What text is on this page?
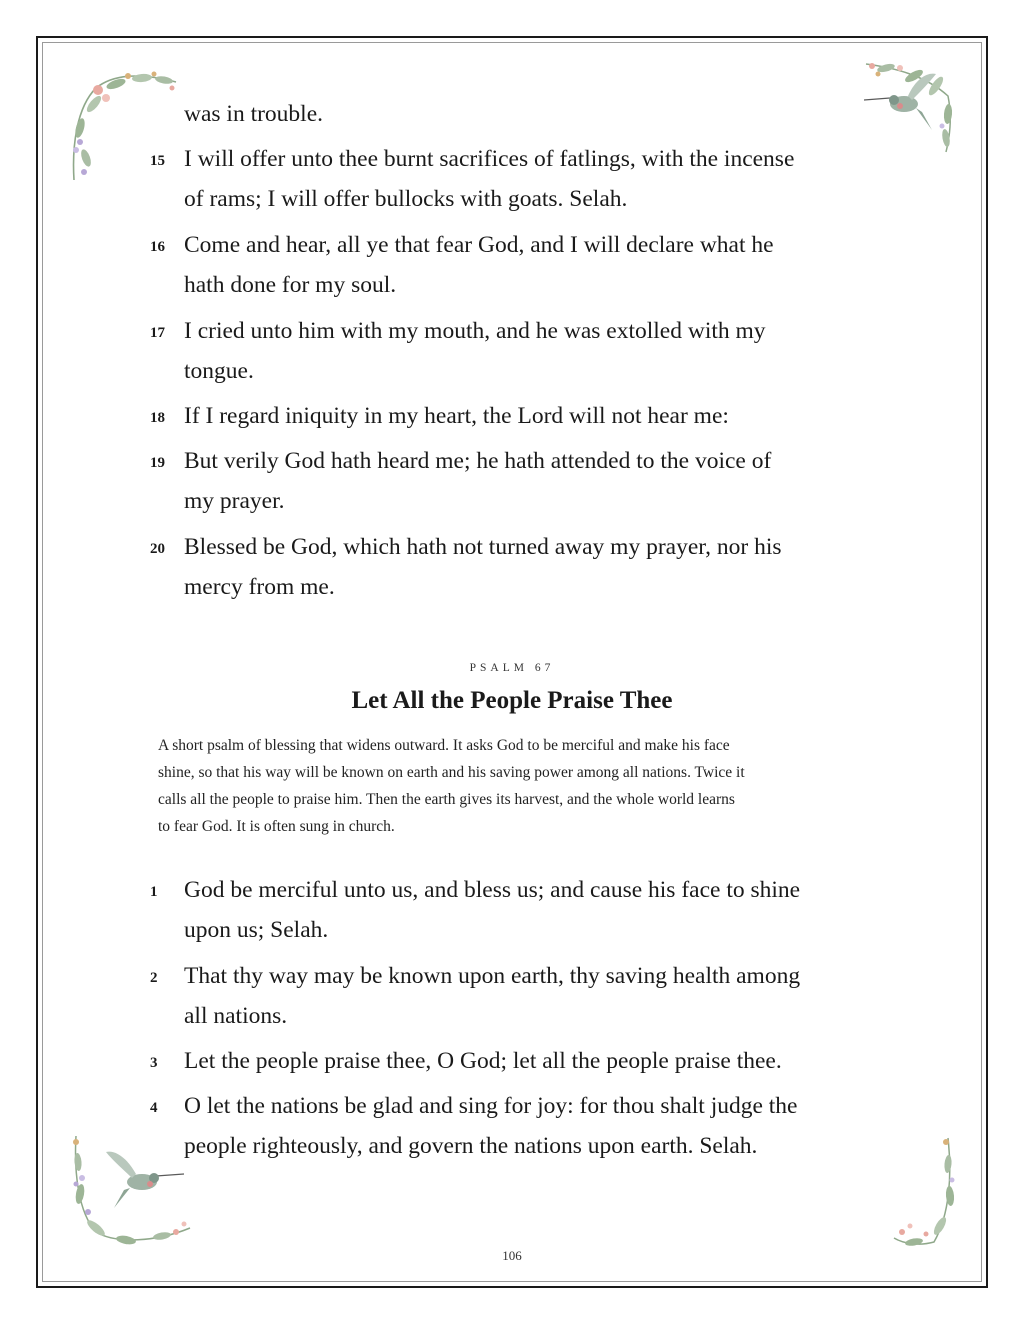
was in trouble.
15 I will offer unto thee burnt sacrifices of fatlings, with the incense
of rams; I will offer bullocks with goats. Selah.
16 Come and hear, all ye that fear God, and I will declare what he
hath done for my soul.
17 I cried unto him with my mouth, and he was extolled with my
tongue.
18 If I regard iniquity in my heart, the Lord will not hear me:
19 But verily God hath heard me; he hath attended to the voice of
my prayer.
20 Blessed be God, which hath not turned away my prayer, nor his
mercy from me.
PSALM 67
Let All the People Praise Thee
A short psalm of blessing that widens outward. It asks God to be merciful and make his face
shine, so that his way will be known on earth and his saving power among all nations. Twice it
calls all the people to praise him. Then the earth gives its harvest, and the whole world learns
to fear God. It is often sung in church.
1 God be merciful unto us, and bless us; and cause his face to shine
upon us; Selah.
2 That thy way may be known upon earth, thy saving health among
all nations.
3 Let the people praise thee, O God; let all the people praise thee.
4 O let the nations be glad and sing for joy: for thou shalt judge the
people righteously, and govern the nations upon earth. Selah.
106
